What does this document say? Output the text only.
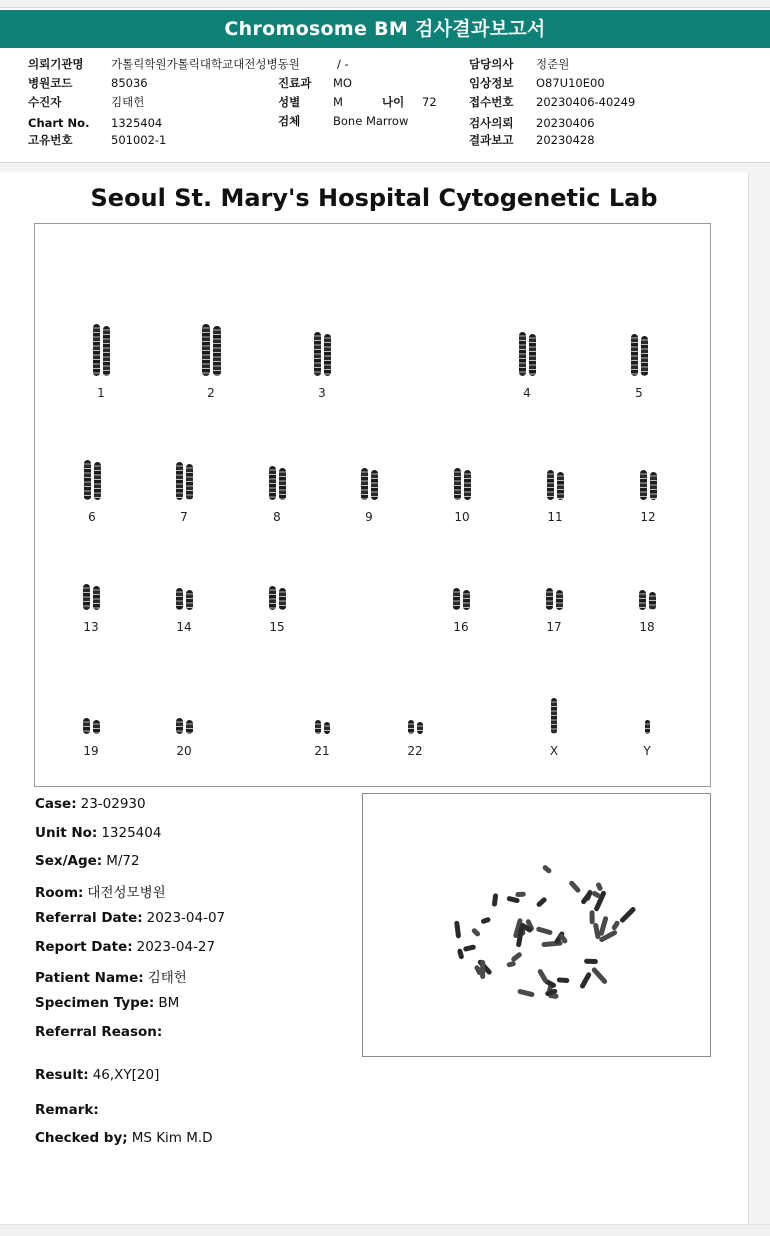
Chromosome BM 검사결과보고서
의뢰기관명 가톨릭학원가톨릭대학교대전성병동원	/ -
병원코드	85036	진료과 MO
수진자	김태헌	성별	M	나이 72
Chart No. 1325404	검체	Bone Marrow
고유번호	501002-1
담당의사 정준원
임상정보 O87U10E00
접수번호 20230406-40249
검사의뢰 20230406
결과보고 20230428
Seoul St. Mary's Hospital Cytogenetic Lab
1	2	3	4	5
6	7	8	9	10	11	12
13	14	15	16	17	18
19	20	21	22	X	Y
Case: 23-02930
Unit No: 1325404
Sex/Age: M/72
Room: 대전성모병원
Referral Date: 2023-04-07
Report Date: 2023-04-27
Patient Name: 김태헌
Specimen Type: BM
Referral Reason:
Result: 46,XY[20]
Remark:
Checked by; MS Kim M.D
